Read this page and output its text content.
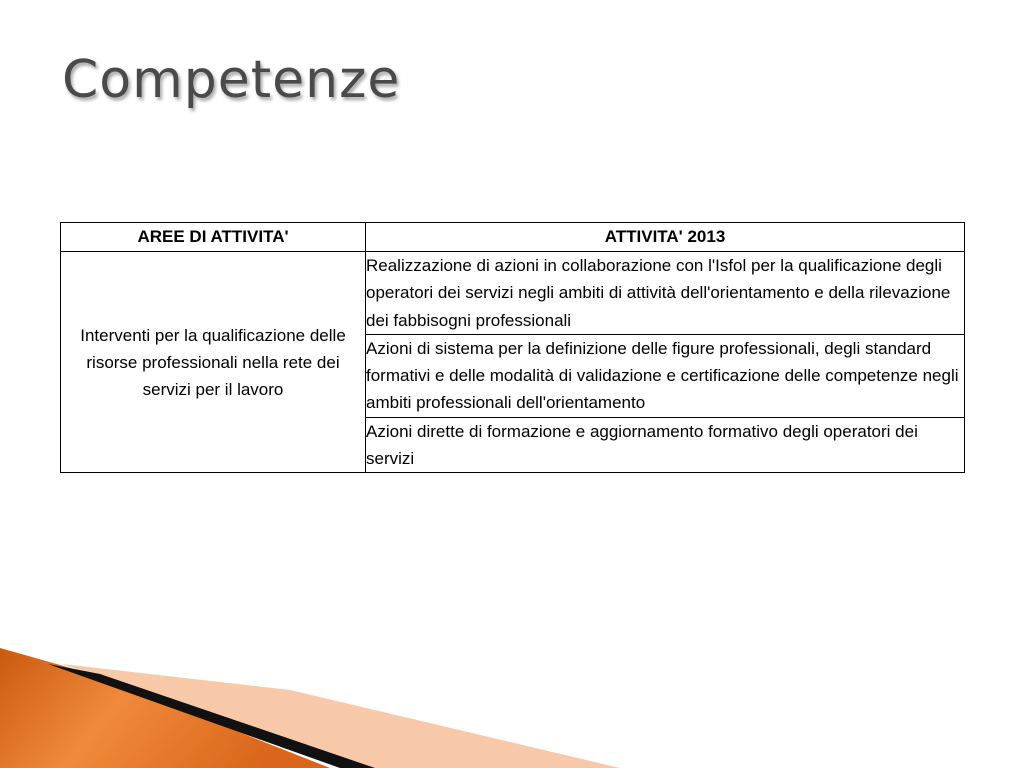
Competenze
AREE DI ATTIVITA'	ATTIVITA' 2013
Interventi per la qualificazione delle risorse professionali nella rete dei servizi per il lavoro	Realizzazione di azioni in collaborazione con l'Isfol per la qualificazione degli operatori dei servizi negli ambiti di attività dell'orientamento e della rilevazione dei fabbisogni professionali
	Azioni di sistema per la definizione delle figure professionali, degli standard formativi e delle modalità di validazione e certificazione delle competenze negli ambiti professionali dell'orientamento
	Azioni dirette di formazione e aggiornamento formativo degli operatori dei servizi
